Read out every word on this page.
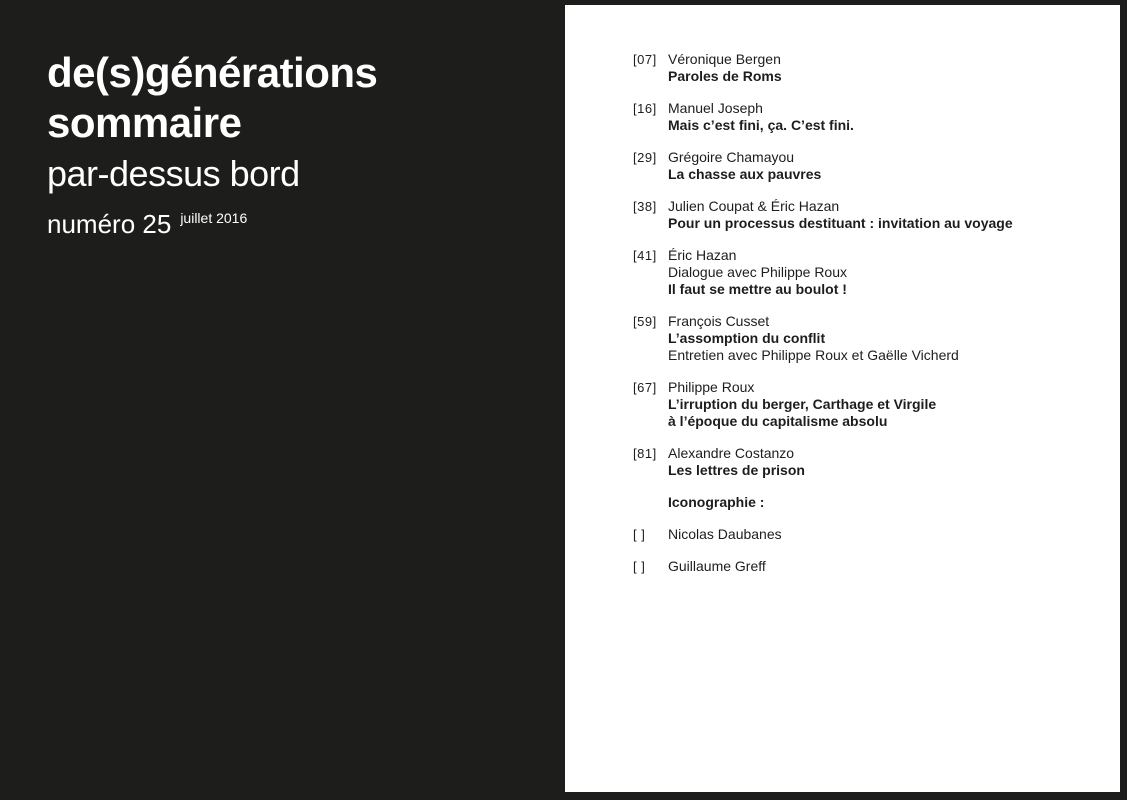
de(s)générations
sommaire
par-dessus bord
numéro 25 juillet 2016
[07] Véronique Bergen
Paroles de Roms
[16] Manuel Joseph
Mais c’est fini, ça. C’est fini.
[29] Grégoire Chamayou
La chasse aux pauvres
[38] Julien Coupat & Éric Hazan
Pour un processus destituant : invitation au voyage
[41] Éric Hazan
Dialogue avec Philippe Roux
Il faut se mettre au boulot !
[59] François Cusset
L’assomption du conflit
Entretien avec Philippe Roux et Gaëlle Vicherd
[67] Philippe Roux
L’irruption du berger, Carthage et Virgile
à l’époque du capitalisme absolu
[81] Alexandre Costanzo
Les lettres de prison
Iconographie :
[ ]	Nicolas Daubanes
[ ]	Guillaume Greff
